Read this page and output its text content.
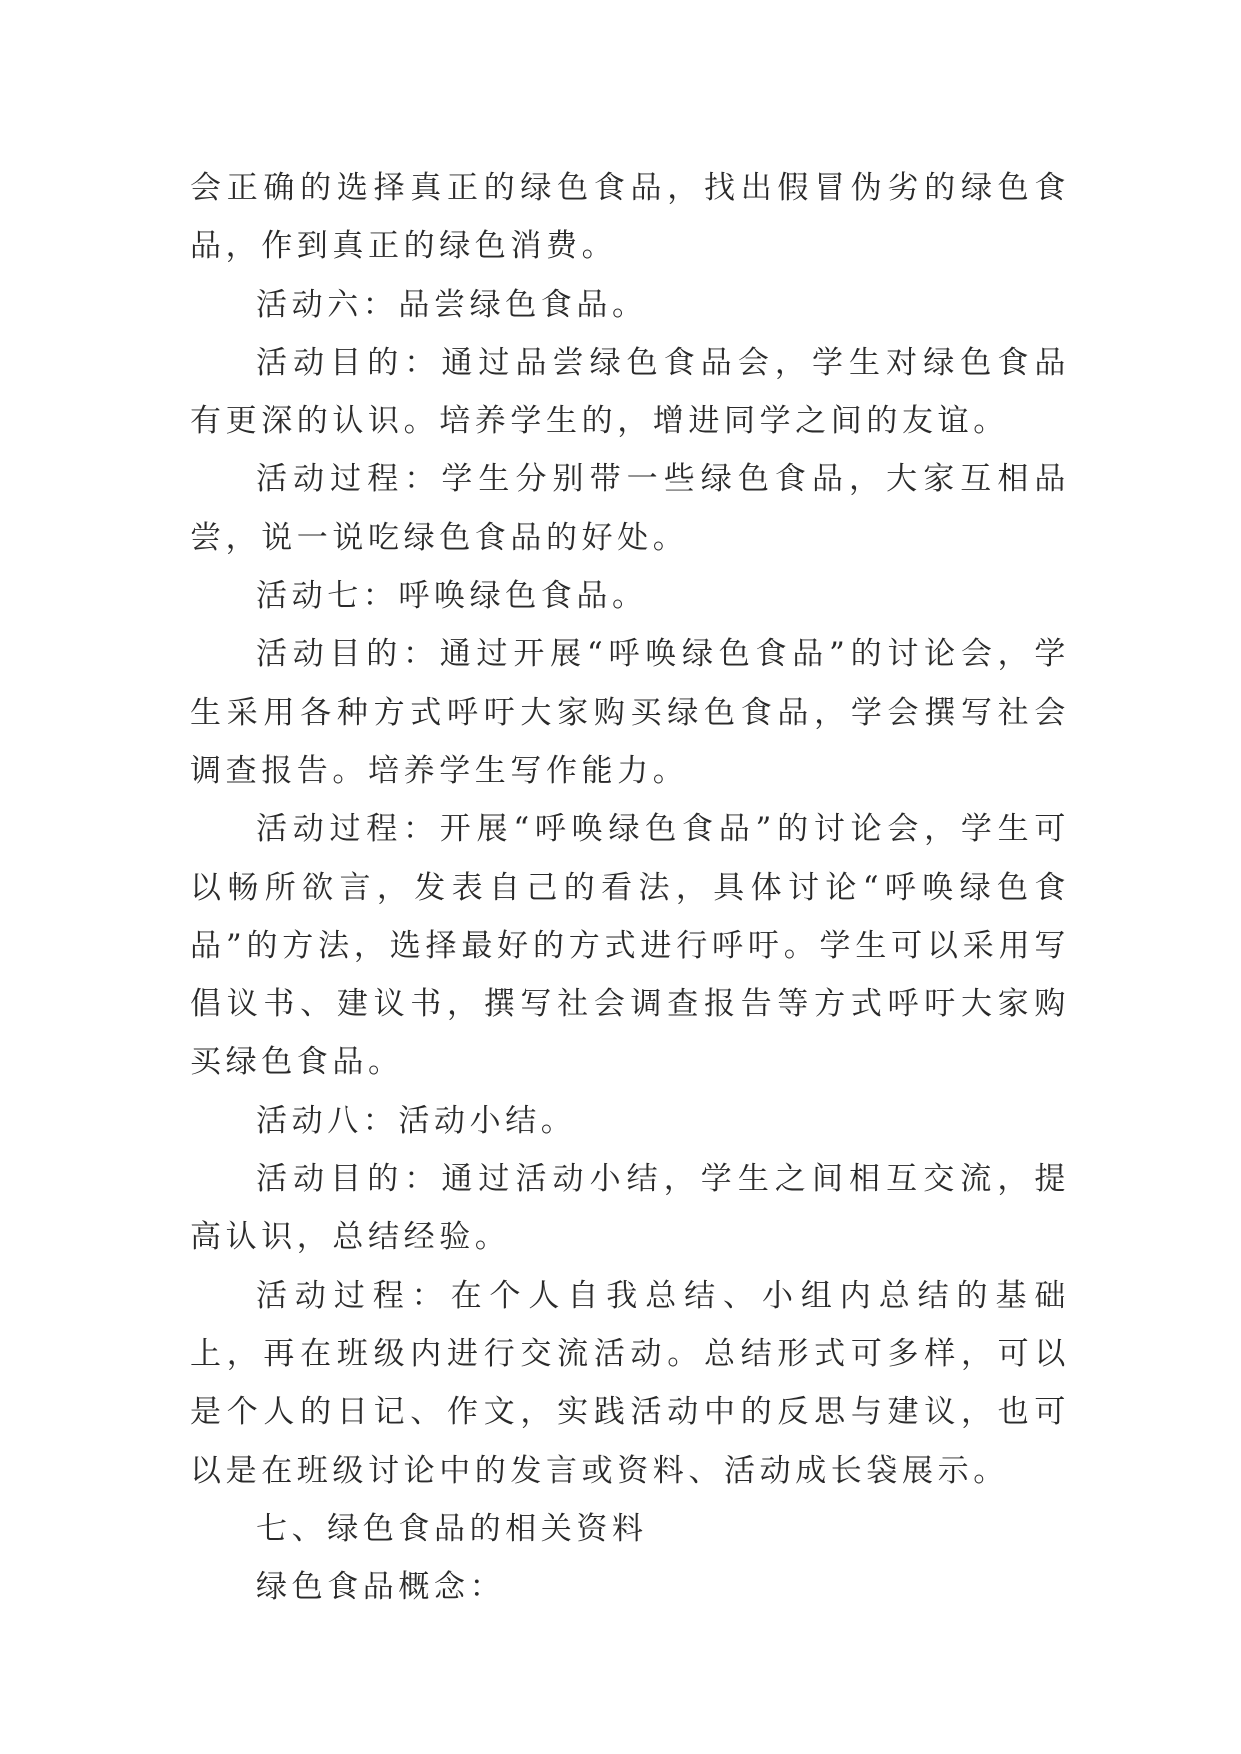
会正确的选择真正的绿色食品，找出假冒伪劣的绿色食品，作到真正的绿色消费。

活动六：品尝绿色食品。

活动目的：通过品尝绿色食品会，学生对绿色食品有更深的认识。培养学生的，增进同学之间的友谊。

活动过程：学生分别带一些绿色食品，大家互相品尝，说一说吃绿色食品的好处。

活动七：呼唤绿色食品。

活动目的：通过开展“呼唤绿色食品”的讨论会，学生采用各种方式呼吁大家购买绿色食品，学会撰写社会调查报告。培养学生写作能力。

活动过程：开展“呼唤绿色食品”的讨论会，学生可以畅所欲言，发表自己的看法，具体讨论“呼唤绿色食品”的方法，选择最好的方式进行呼吁。学生可以采用写倡议书、建议书，撰写社会调查报告等方式呼吁大家购买绿色食品。

活动八：活动小结。

活动目的：通过活动小结，学生之间相互交流，提高认识，总结经验。

活动过程：在个人自我总结、小组内总结的基础上，再在班级内进行交流活动。总结形式可多样，可以是个人的日记、作文，实践活动中的反思与建议，也可以是在班级讨论中的发言或资料、活动成长袋展示。

七、绿色食品的相关资料

绿色食品概念：
